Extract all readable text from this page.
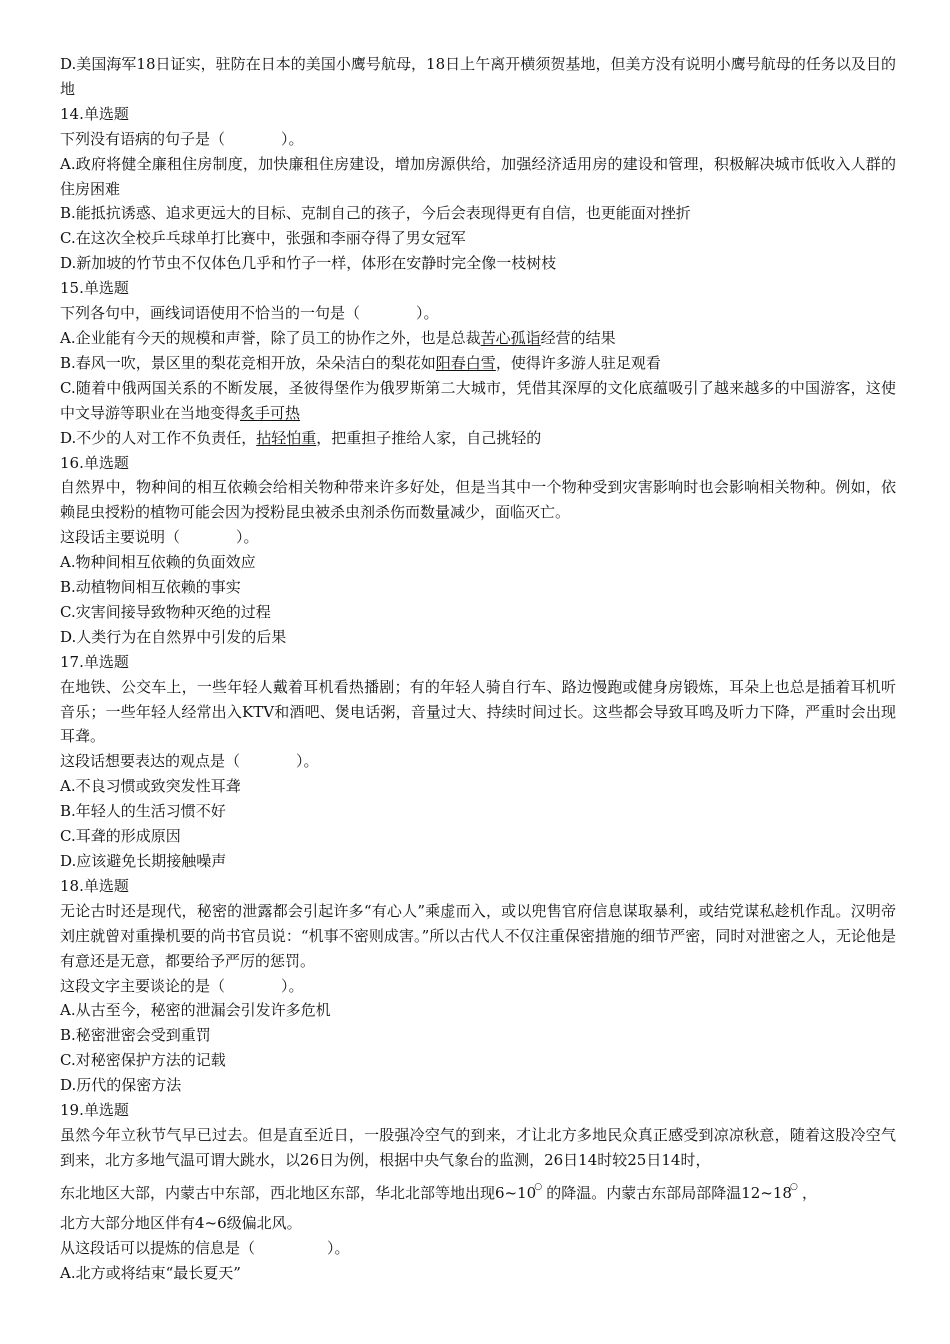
D.美国海军18日证实，驻防在日本的美国小鹰号航母，18日上午离开横须贺基地，但美方没有说明小鹰号航母的任务以及目的地
14.单选题
下列没有语病的句子是（	）。
A.政府将健全廉租住房制度，加快廉租住房建设，增加房源供给，加强经济适用房的建设和管理，积极解决城市低收入人群的住房困难
B.能抵抗诱惑、追求更远大的目标、克制自己的孩子，今后会表现得更有自信，也更能面对挫折
C.在这次全校乒乓球单打比赛中，张强和李丽夺得了男女冠军
D.新加坡的竹节虫不仅体色几乎和竹子一样，体形在安静时完全像一枝树枝
15.单选题
下列各句中，画线词语使用不恰当的一句是（	）。
A.企业能有今天的规模和声誉，除了员工的协作之外，也是总裁苦心孤诣经营的结果
B.春风一吹，景区里的梨花竞相开放，朵朵洁白的梨花如阳春白雪，使得许多游人驻足观看
C.随着中俄两国关系的不断发展，圣彼得堡作为俄罗斯第二大城市，凭借其深厚的文化底蕴吸引了越来越多的中国游客，这使中文导游等职业在当地变得炙手可热
D.不少的人对工作不负责任，拈轻怕重，把重担子推给人家，自己挑轻的
16.单选题
自然界中，物种间的相互依赖会给相关物种带来许多好处，但是当其中一个物种受到灾害影响时也会影响相关物种。例如，依赖昆虫授粉的植物可能会因为授粉昆虫被杀虫剂杀伤而数量减少，面临灭亡。
这段话主要说明（	）。
A.物种间相互依赖的负面效应
B.动植物间相互依赖的事实
C.灾害间接导致物种灭绝的过程
D.人类行为在自然界中引发的后果
17.单选题
在地铁、公交车上，一些年轻人戴着耳机看热播剧；有的年轻人骑自行车、路边慢跑或健身房锻炼，耳朵上也总是插着耳机听音乐；一些年轻人经常出入KTV和酒吧、煲电话粥，音量过大、持续时间过长。这些都会导致耳鸣及听力下降，严重时会出现耳聋。
这段话想要表达的观点是（	）。
A.不良习惯或致突发性耳聋
B.年轻人的生活习惯不好
C.耳聋的形成原因
D.应该避免长期接触噪声
18.单选题
无论古时还是现代，秘密的泄露都会引起许多“有心人”乘虚而入，或以兜售官府信息谋取暴利，或结党谋私趁机作乱。汉明帝刘庄就曾对重操机要的尚书官员说：“机事不密则成害。”所以古代人不仅注重保密措施的细节严密，同时对泄密之人，无论他是有意还是无意，都要给予严厉的惩罚。
这段文字主要谈论的是（	）。
A.从古至今，秘密的泄漏会引发许多危机
B.秘密泄密会受到重罚
C.对秘密保护方法的记载
D.历代的保密方法
19.单选题
虽然今年立秋节气早已过去。但是直至近日，一股强冷空气的到来，才让北方多地民众真正感受到凉凉秋意，随着这股冷空气到来，北方多地气温可谓大跳水，以26日为例，根据中央气象台的监测，26日14时较25日14时，
东北地区大部，内蒙古中东部，西北地区东部，华北北部等地出现6~10
○ 的降温。内蒙古东部局部降温12~18
○ ，
北方大部分地区伴有4~6级偏北风。
从这段话可以提炼的信息是（	）。
A.北方或将结束“最长夏天”
